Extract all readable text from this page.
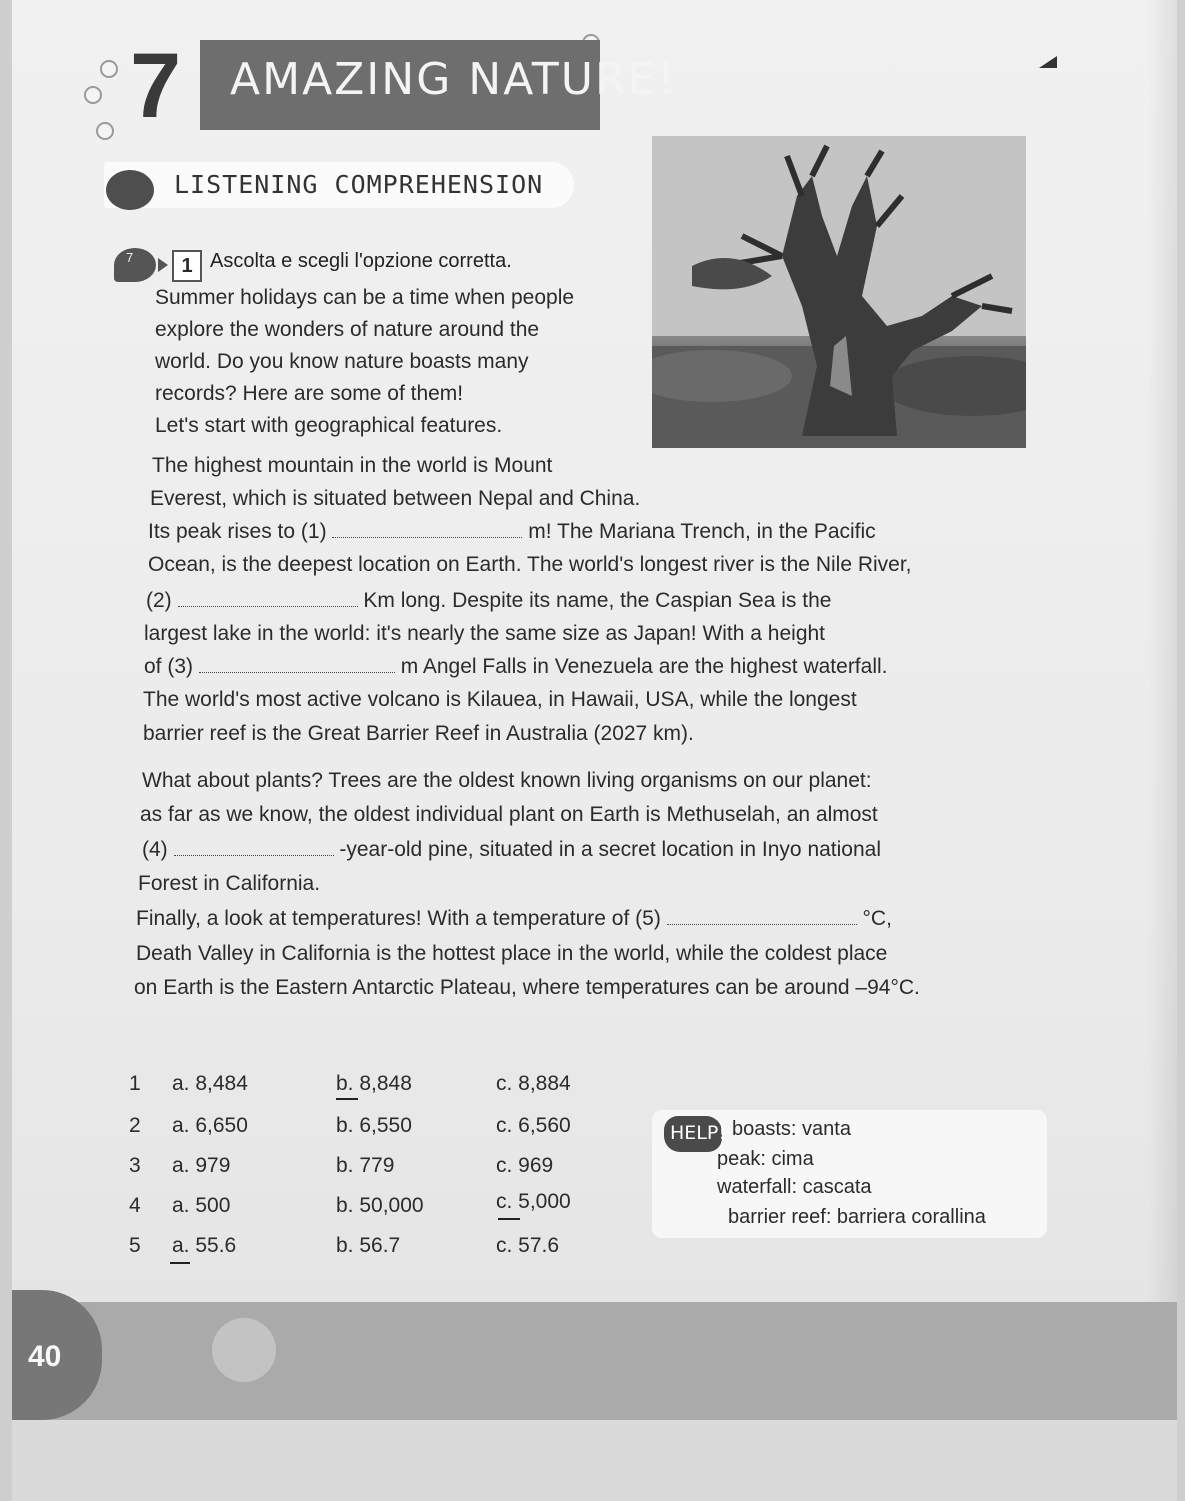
7 AMAZING NATURE!
LISTENING COMPREHENSION
7	1 Ascolta e scegli l'opzione corretta.
Summer holidays can be a time when people
explore the wonders of nature around the
world. Do you know nature boasts many
records? Here are some of them!
Let's start with geographical features.
The highest mountain in the world is Mount
Everest, which is situated between Nepal and China.
Its peak rises to (1)	m! The Mariana Trench, in the Pacific
Ocean, is the deepest location on Earth. The world's longest river is the Nile River,
(2)	Km long. Despite its name, the Caspian Sea is the
largest lake in the world: it's nearly the same size as Japan! With a height
of (3)	m Angel Falls in Venezuela are the highest waterfall.
The world's most active volcano is Kilauea, in Hawaii, USA, while the longest
barrier reef is the Great Barrier Reef in Australia (2027 km).
What about plants? Trees are the oldest known living organisms on our planet:
as far as we know, the oldest individual plant on Earth is Methuselah, an almost
(4)	-year-old pine, situated in a secret location in Inyo national
Forest in California.
Finally, a look at temperatures! With a temperature of (5)	°C,
Death Valley in California is the hottest place in the world, while the coldest place
on Earth is the Eastern Antarctic Plateau, where temperatures can be around –94°C.
1 a. 8,484	b. 8,848	c. 8,884
2 a. 6,650	b. 6,550	c. 6,560
3 a. 979	b. 779	c. 969
4 a. 500	b. 50,000	c. 5,000
5 a. 55.6	b. 56.7	c. 57.6
HELP! boasts: vanta
peak: cima
waterfall: cascata
barrier reef: barriera corallina
40
